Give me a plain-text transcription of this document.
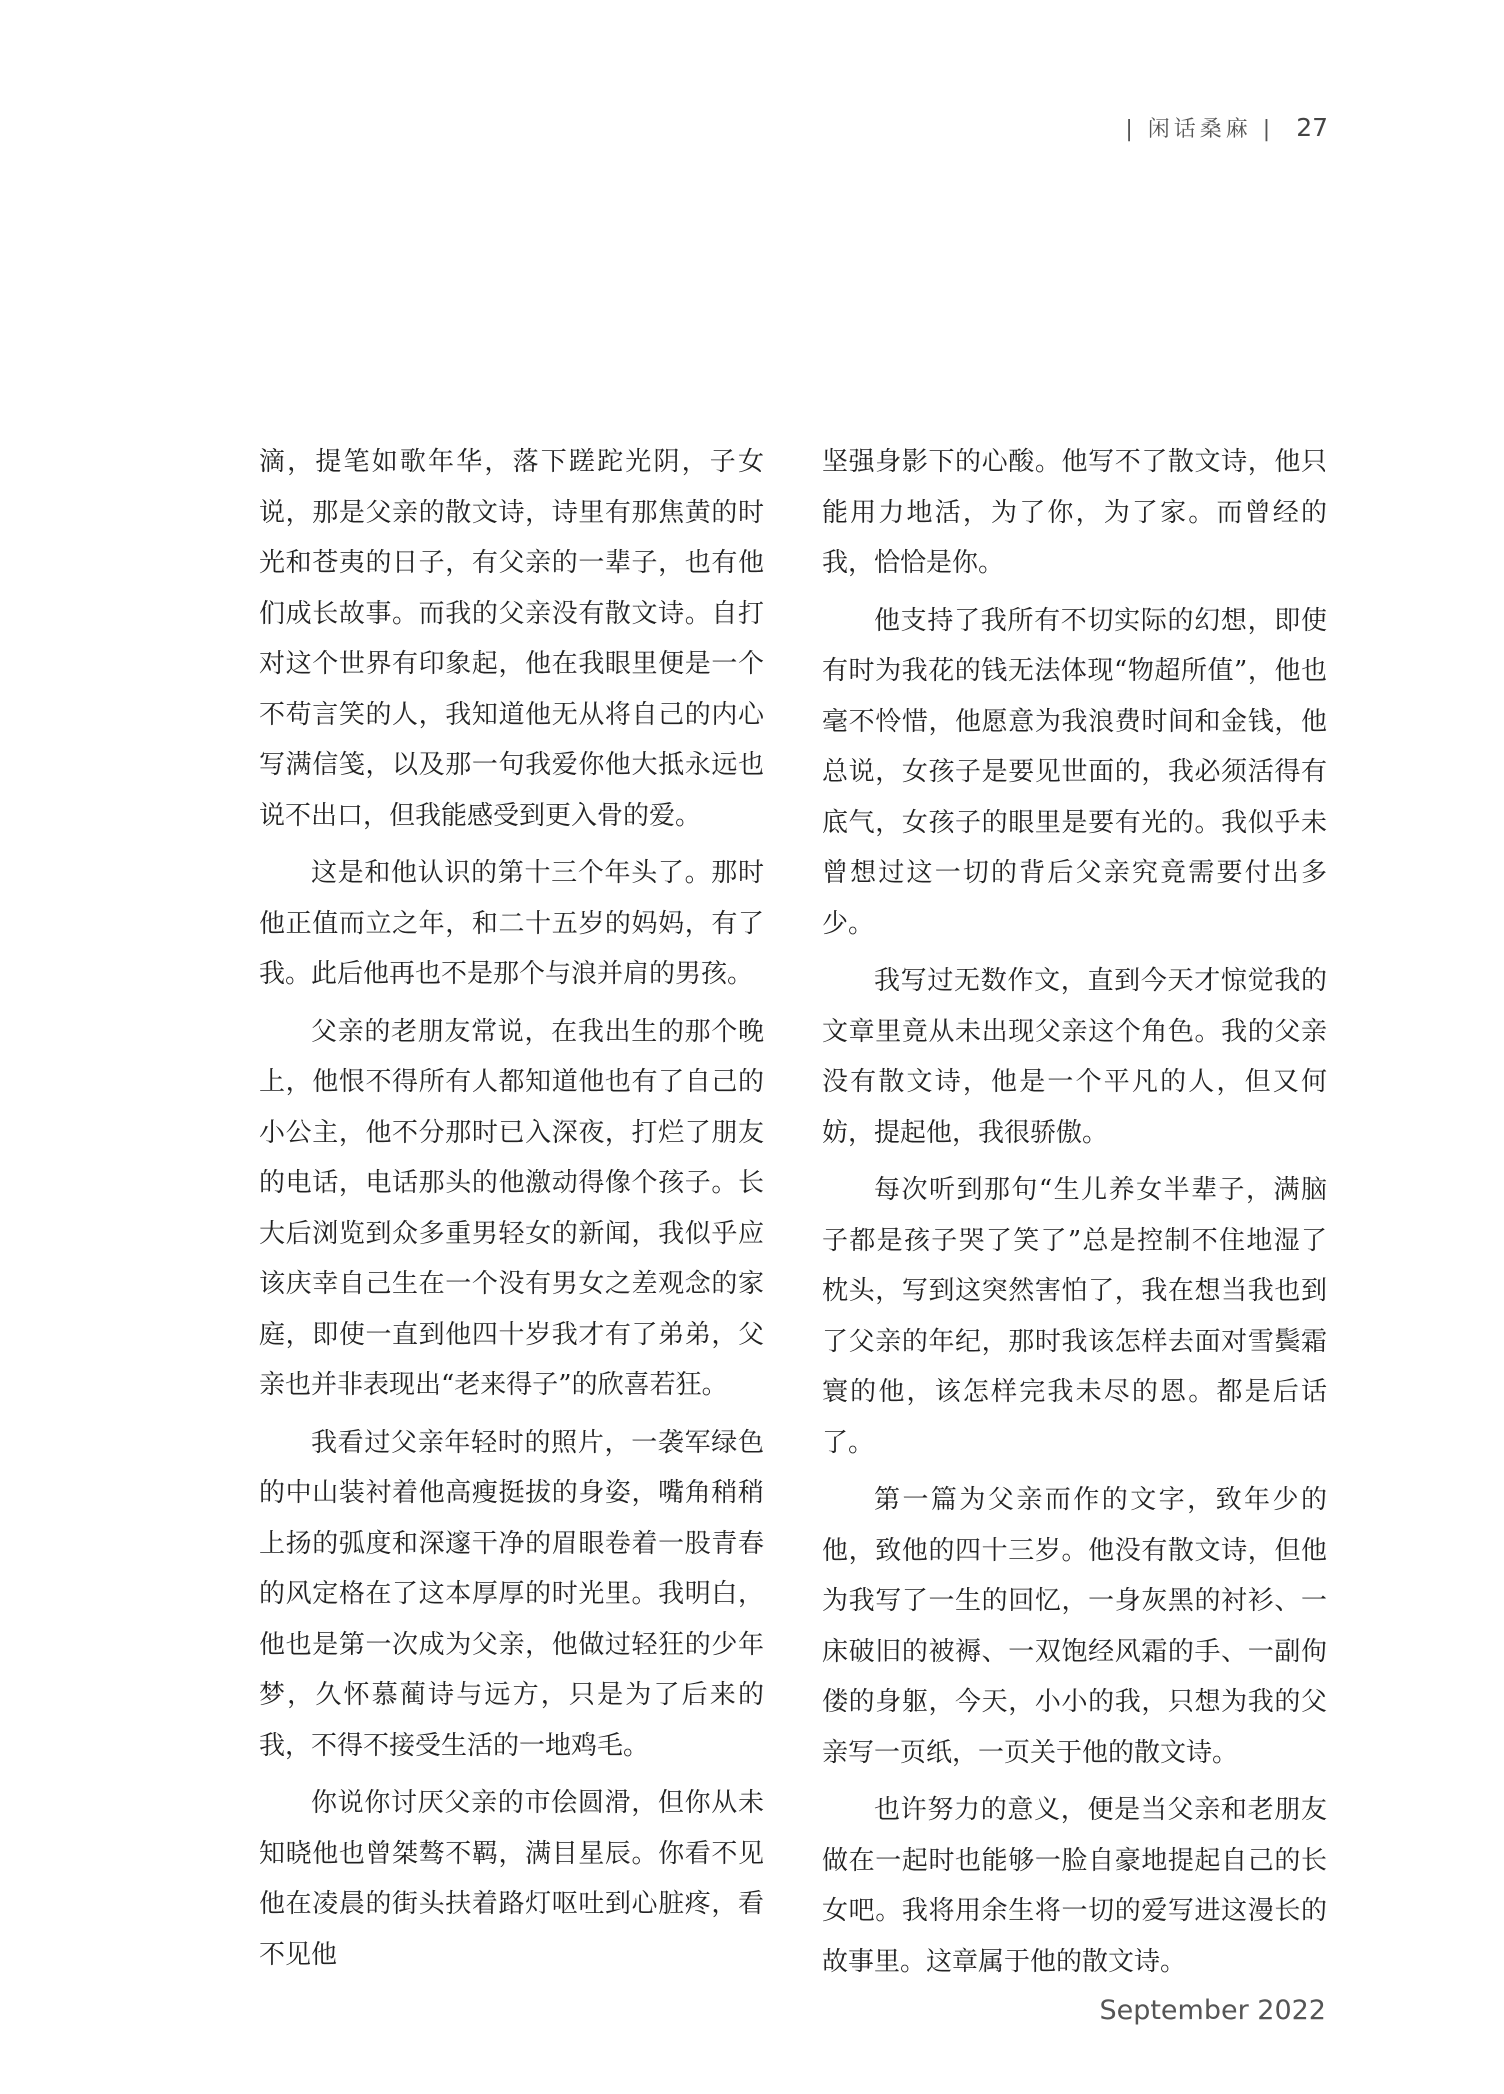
| 闲话桑麻 | 27

滴，提笔如歌年华，落下蹉跎光阴，子女说，那是父亲的散文诗，诗里有那焦黄的时光和苍夷的日子，有父亲的一辈子，也有他们成长故事。而我的父亲没有散文诗。自打对这个世界有印象起，他在我眼里便是一个不苟言笑的人，我知道他无从将自己的内心写满信笺，以及那一句我爱你他大抵永远也说不出口，但我能感受到更入骨的爱。

这是和他认识的第十三个年头了。那时他正值而立之年，和二十五岁的妈妈，有了我。此后他再也不是那个与浪并肩的男孩。

父亲的老朋友常说，在我出生的那个晚上，他恨不得所有人都知道他也有了自己的小公主，他不分那时已入深夜，打烂了朋友的电话，电话那头的他激动得像个孩子。长大后浏览到众多重男轻女的新闻，我似乎应该庆幸自己生在一个没有男女之差观念的家庭，即使一直到他四十岁我才有了弟弟，父亲也并非表现出“老来得子”的欣喜若狂。

我看过父亲年轻时的照片，一袭军绿色的中山装衬着他高瘦挺拔的身姿，嘴角稍稍上扬的弧度和深邃干净的眉眼卷着一股青春的风定格在了这本厚厚的时光里。我明白，他也是第一次成为父亲，他做过轻狂的少年梦，久怀慕蔺诗与远方，只是为了后来的我，不得不接受生活的一地鸡毛。

你说你讨厌父亲的市侩圆滑，但你从未知晓他也曾桀骜不羁，满目星辰。你看不见他在凌晨的街头扶着路灯呕吐到心脏疼，看不见他

坚强身影下的心酸。他写不了散文诗，他只能用力地活，为了你，为了家。而曾经的我，恰恰是你。

他支持了我所有不切实际的幻想，即使有时为我花的钱无法体现“物超所值”，他也毫不怜惜，他愿意为我浪费时间和金钱，他总说，女孩子是要见世面的，我必须活得有底气，女孩子的眼里是要有光的。我似乎未曾想过这一切的背后父亲究竟需要付出多少。

我写过无数作文，直到今天才惊觉我的文章里竟从未出现父亲这个角色。我的父亲没有散文诗，他是一个平凡的人，但又何妨，提起他，我很骄傲。

每次听到那句“生儿养女半辈子，满脑子都是孩子哭了笑了”总是控制不住地湿了枕头，写到这突然害怕了，我在想当我也到了父亲的年纪，那时我该怎样去面对雪鬓霜寰的他，该怎样完我未尽的恩。都是后话了。

第一篇为父亲而作的文字，致年少的他，致他的四十三岁。他没有散文诗，但他为我写了一生的回忆，一身灰黑的衬衫、一床破旧的被褥、一双饱经风霜的手、一副佝偻的身躯，今天，小小的我，只想为我的父亲写一页纸，一页关于他的散文诗。

也许努力的意义，便是当父亲和老朋友做在一起时也能够一脸自豪地提起自己的长女吧。我将用余生将一切的爱写进这漫长的故事里。这章属于他的散文诗。

September 2022
